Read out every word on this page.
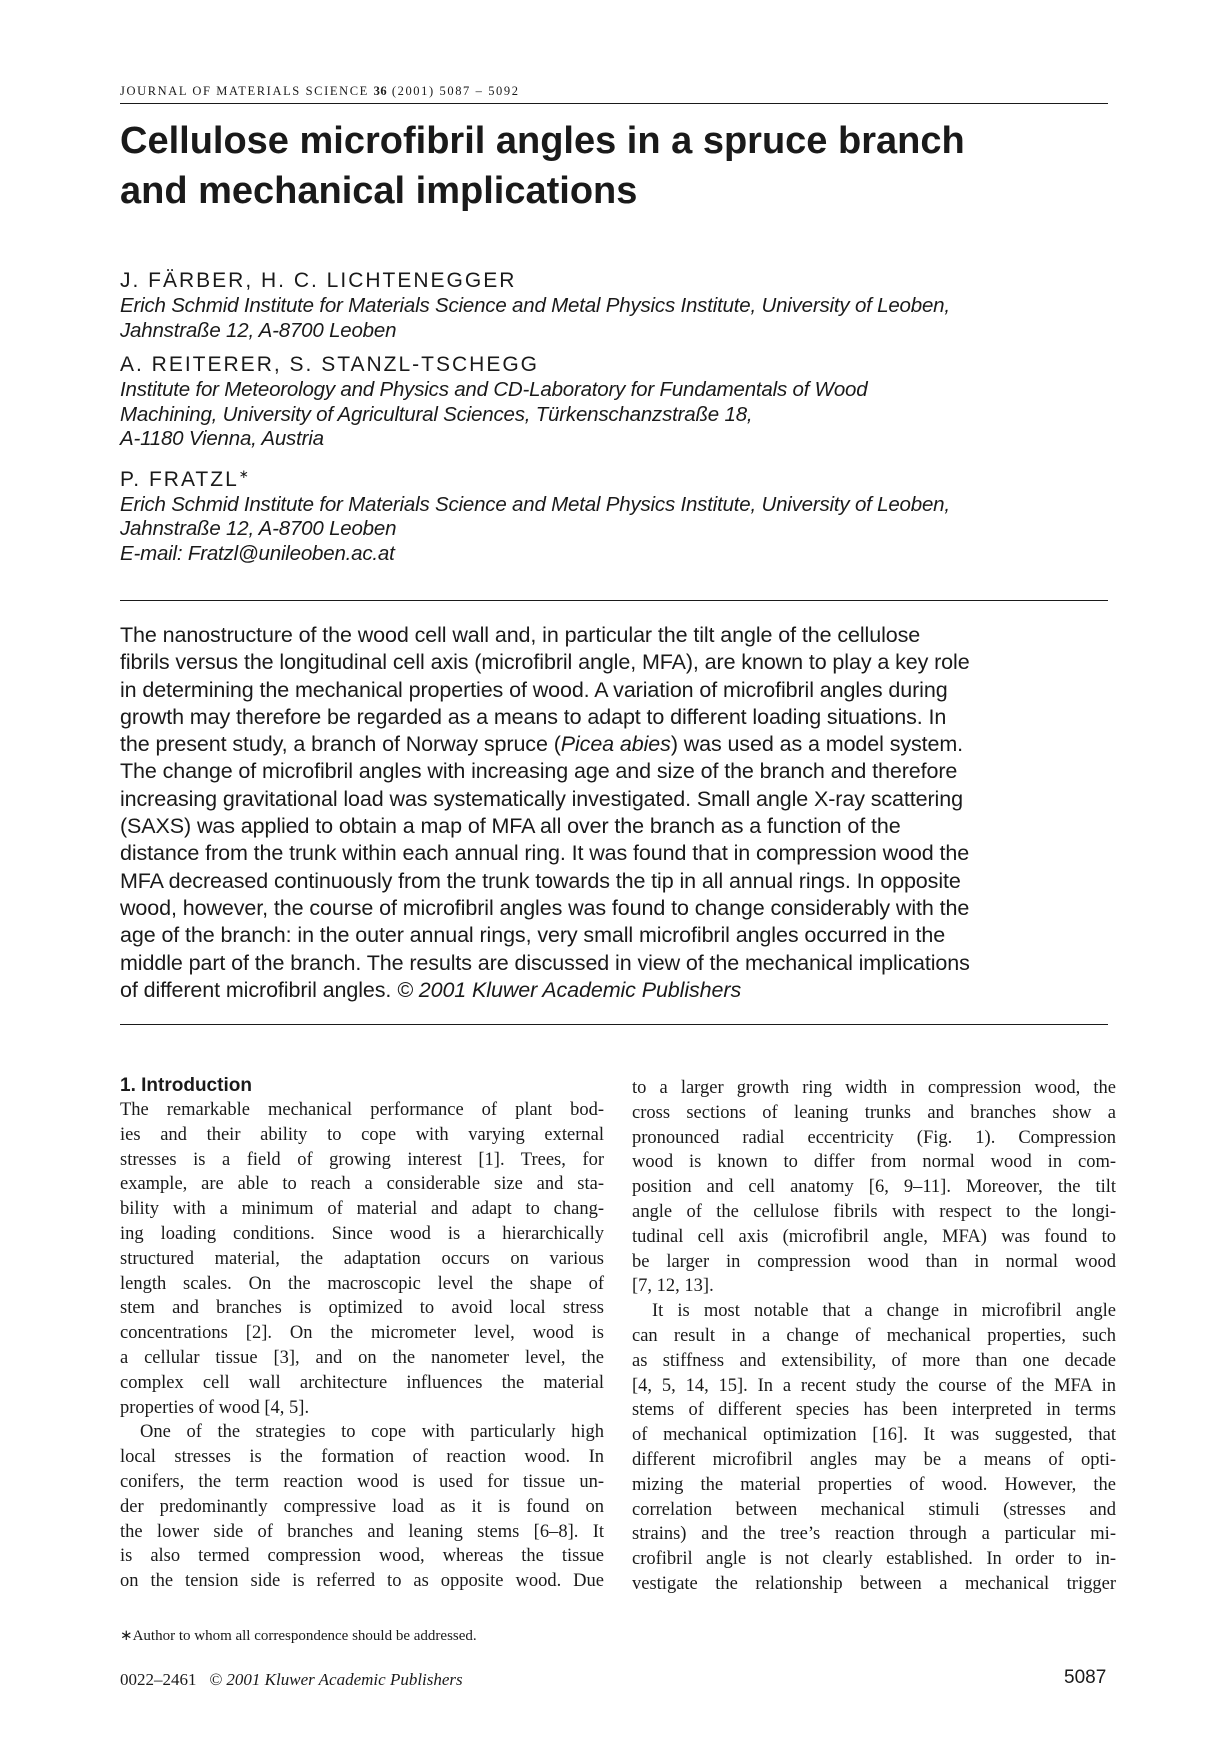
JOURNAL OF MATERIALS SCIENCE 36 (2001) 5087 – 5092
Cellulose microfibril angles in a spruce branch
and mechanical implications
J. FÄRBER, H. C. LICHTENEGGER
Erich Schmid Institute for Materials Science and Metal Physics Institute, University of Leoben,
Jahnstraße 12, A-8700 Leoben
A. REITERER, S. STANZL-TSCHEGG
Institute for Meteorology and Physics and CD-Laboratory for Fundamentals of Wood
Machining, University of Agricultural Sciences, Türkenschanzstraße 18,
A-1180 Vienna, Austria
P. FRATZL∗
Erich Schmid Institute for Materials Science and Metal Physics Institute, University of Leoben,
Jahnstraße 12, A-8700 Leoben
E-mail: Fratzl@unileoben.ac.at

The nanostructure of the wood cell wall and, in particular the tilt angle of the cellulose

fibrils versus the longitudinal cell axis (microfibril angle, MFA), are known to play a key role

in determining the mechanical properties of wood. A variation of microfibril angles during

growth may therefore be regarded as a means to adapt to different loading situations. In

the present study, a branch of Norway spruce (Picea abies) was used as a model system.

The change of microfibril angles with increasing age and size of the branch and therefore

increasing gravitational load was systematically investigated. Small angle X-ray scattering

(SAXS) was applied to obtain a map of MFA all over the branch as a function of the

distance from the trunk within each annual ring. It was found that in compression wood the

MFA decreased continuously from the trunk towards the tip in all annual rings. In opposite

wood, however, the course of microfibril angles was found to change considerably with the

age of the branch: in the outer annual rings, very small microfibril angles occurred in the

middle part of the branch. The results are discussed in view of the mechanical implications

of different microfibril angles. © 2001 Kluwer Academic Publishers

1. Introduction

The remarkable mechanical performance of plant bod-
ies and their ability to cope with varying external
stresses is a field of growing interest [1]. Trees, for
example, are able to reach a considerable size and sta-
bility with a minimum of material and adapt to chang-
ing loading conditions. Since wood is a hierarchically
structured material, the adaptation occurs on various
length scales. On the macroscopic level the shape of
stem and branches is optimized to avoid local stress
concentrations [2]. On the micrometer level, wood is
a cellular tissue [3], and on the nanometer level, the
complex cell wall architecture influences the material
properties of wood [4, 5].

One of the strategies to cope with particularly high
local stresses is the formation of reaction wood. In
conifers, the term reaction wood is used for tissue un-
der predominantly compressive load as it is found on
the lower side of branches and leaning stems [6–8]. It
is also termed compression wood, whereas the tissue
on the tension side is referred to as opposite wood. Due

to a larger growth ring width in compression wood, the
cross sections of leaning trunks and branches show a
pronounced radial eccentricity (Fig. 1). Compression
wood is known to differ from normal wood in com-
position and cell anatomy [6, 9–11]. Moreover, the tilt
angle of the cellulose fibrils with respect to the longi-
tudinal cell axis (microfibril angle, MFA) was found to
be larger in compression wood than in normal wood
[7, 12, 13].

It is most notable that a change in microfibril angle
can result in a change of mechanical properties, such
as stiffness and extensibility, of more than one decade
[4, 5, 14, 15]. In a recent study the course of the MFA in
stems of different species has been interpreted in terms
of mechanical optimization [16]. It was suggested, that
different microfibril angles may be a means of opti-
mizing the material properties of wood. However, the
correlation between mechanical stimuli (stresses and
strains) and the tree’s reaction through a particular mi-
crofibril angle is not clearly established. In order to in-
vestigate the relationship between a mechanical trigger

∗Author to whom all correspondence should be addressed.
0022–2461 © 2001 Kluwer Academic Publishers	5087
